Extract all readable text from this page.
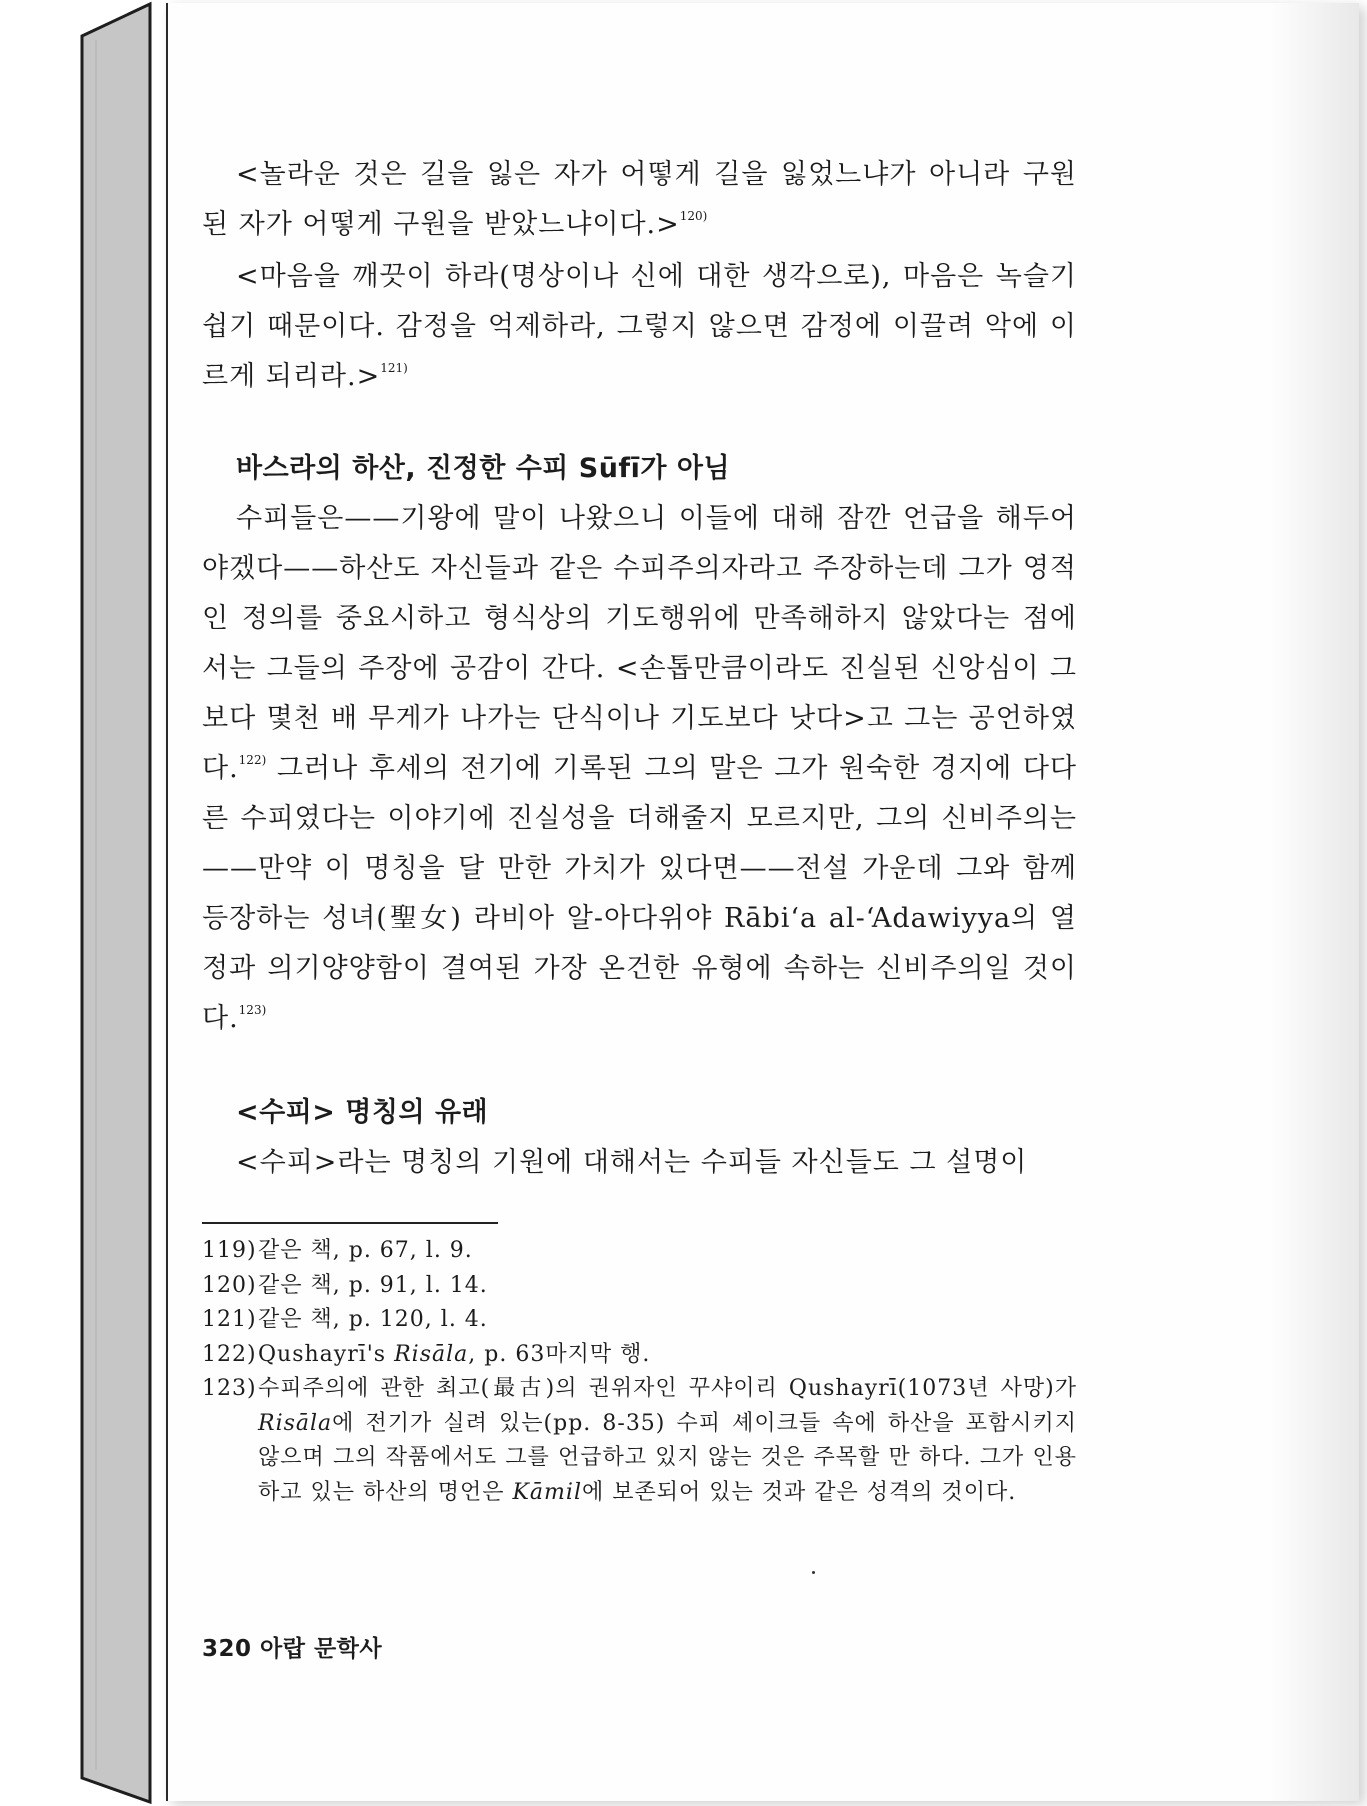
<놀라운 것은 길을 잃은 자가 어떻게 길을 잃었느냐가 아니라 구원된 자가 어떻게 구원을 받았느냐이다.>$^{120)}$

<마음을 깨끗이 하라(명상이나 신에 대한 생각으로), 마음은 녹슬기 쉽기 때문이다. 감정을 억제하라, 그렇지 않으면 감정에 이끌려 악에 이르게 되리라.>$^{121)}$

바스라의 하산, 진정한 수피 Sūfī가 아님

수피들은——기왕에 말이 나왔으니 이들에 대해 잠깐 언급을 해두어야겠다——하산도 자신들과 같은 수피주의자라고 주장하는데 그가 영적인 정의를 중요시하고 형식상의 기도행위에 만족해하지 않았다는 점에서는 그들의 주장에 공감이 간다. <손톱만큼이라도 진실된 신앙심이 그보다 몇천 배 무게가 나가는 단식이나 기도보다 낫다>고 그는 공언하였다.$^{122)}$ 그러나 후세의 전기에 기록된 그의 말은 그가 원숙한 경지에 다다른 수피였다는 이야기에 진실성을 더해줄지 모르지만, 그의 신비주의는——만약 이 명칭을 달 만한 가치가 있다면——전설 가운데 그와 함께 등장하는 성녀(聖女) 라비아 알-아다위야 Rābi‘a al-‘Adawiyya의 열정과 의기양양함이 결여된 가장 온건한 유형에 속하는 신비주의일 것이다.$^{123)}$

<수피> 명칭의 유래

<수피>라는 명칭의 기원에 대해서는 수피들 자신들도 그 설명이

119) 같은 책, p. 67, l. 9.

120) 같은 책, p. 91, l. 14.

121) 같은 책, p. 120, l. 4.

122) Qushayrī's Risāla, p. 63마지막 행.

123) 수피주의에 관한 최고(最古)의 권위자인 꾸샤이리 Qushayrī(1073년 사망)가 Risāla에 전기가 실려 있는(pp. 8-35) 수피 셰이크들 속에 하산을 포함시키지 않으며 그의 작품에서도 그를 언급하고 있지 않는 것은 주목할 만 하다. 그가 인용하고 있는 하산의 명언은 Kāmil에 보존되어 있는 것과 같은 성격의 것이다.

320 아랍 문학사
